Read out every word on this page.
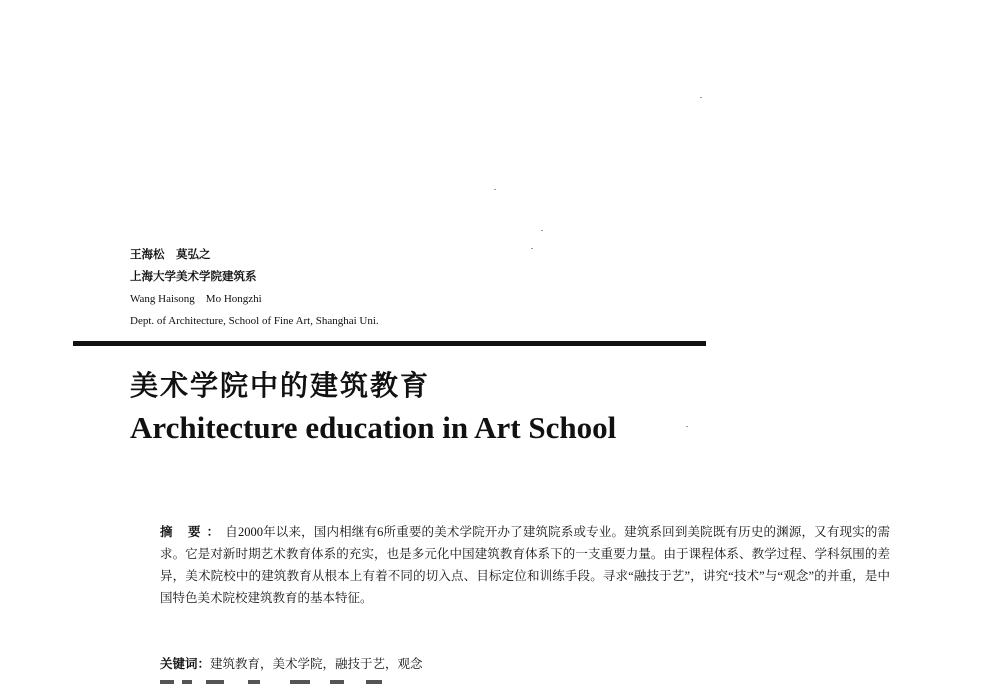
王海松　莫弘之
上海大学美术学院建筑系
Wang Haisong　Mo Hongzhi
Dept. of Architecture, School of Fine Art, Shanghai Uni.
美术学院中的建筑教育
Architecture education in Art School
摘 要：自2000年以来，国内相继有6所重要的美术学院开办了建筑院系或专业。建筑系回到美院既有历史的渊源，又有现实的需求。它是对新时期艺术教育体系的充实，也是多元化中国建筑教育体系下的一支重要力量。由于课程体系、教学过程、学科氛围的差异，美术院校中的建筑教育从根本上有着不同的切入点、目标定位和训练手段。寻求“融技于艺”，讲究“技术”与“观念”的并重，是中国特色美术院校建筑教育的基本特征。
关键词：建筑教育，美术学院，融技于艺，观念
